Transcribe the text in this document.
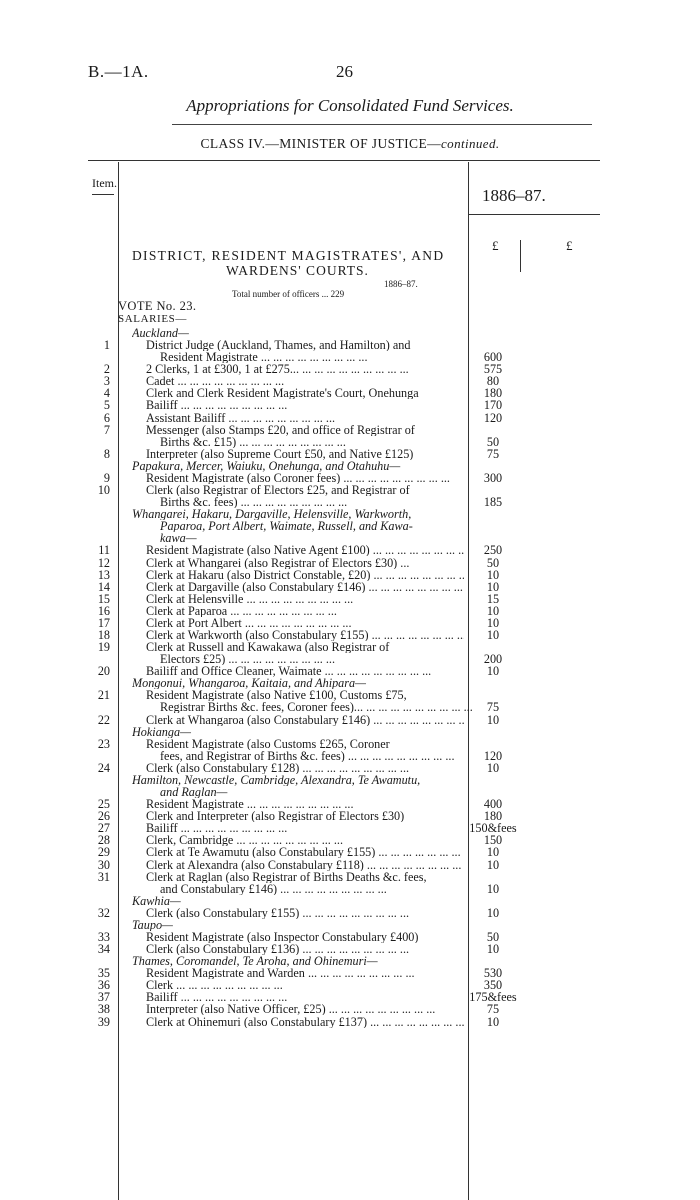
B.—1A.	26
Appropriations for Consolidated Fund Services.
CLASS IV.—MINISTER OF JUSTICE—continued.
Item.
1886–87.
£	£
DISTRICT, RESIDENT MAGISTRATES', AND
WARDENS' COURTS.
1886–87.
Total number of officers ... 229
VOTE No. 23.
SALARIES—
Auckland—
1	District Judge (Auckland, Thames, and Hamilton) and
Resident Magistrate ...	600
2	2 Clerks, 1 at £300, 1 at £275... ...	575
3	Cadet ...	80
4	Clerk and Clerk Resident Magistrate's Court, Onehunga	180
5	Bailiff ...	170
6	Assistant Bailiff ...	120
7	Messenger (also Stamps £20, and office of Registrar of
Births &c. £15) ...	50
8	Interpreter (also Supreme Court £50, and Native £125)	75
Papakura, Mercer, Waiuku, Onehunga, and Otahuhu—
9	Resident Magistrate (also Coroner fees) ...	300
10	Clerk (also Registrar of Electors £25, and Registrar of
Births &c. fees) ...	185
Whangarei, Hakaru, Dargaville, Helensville, Warkworth,
Paparoa, Port Albert, Waimate, Russell, and Kawa-
kawa—
11	Resident Magistrate (also Native Agent £100) ...	250
12	Clerk at Whangarei (also Registrar of Electors £30) ...	50
13	Clerk at Hakaru (also District Constable, £20) ...	10
14	Clerk at Dargaville (also Constabulary £146) ...	10
15	Clerk at Helensville ...	15
16	Clerk at Paparoa ...	10
17	Clerk at Port Albert ...	10
18	Clerk at Warkworth (also Constabulary £155) ...	10
19	Clerk at Russell and Kawakawa (also Registrar of
Electors £25) ...	200
20	Bailiff and Office Cleaner, Waimate ...	10
Mongonui, Whangaroa, Kaitaia, and Ahipara—
21	Resident Magistrate (also Native £100, Customs £75,
Registrar Births &c. fees, Coroner fees)... ...	75
22	Clerk at Whangaroa (also Constabulary £146) ...	10
Hokianga—
23	Resident Magistrate (also Customs £265, Coroner
fees, and Registrar of Births &c. fees) ...	120
24	Clerk (also Constabulary £128) ...	10
Hamilton, Newcastle, Cambridge, Alexandra, Te Awamutu,
and Raglan—
25	Resident Magistrate ...	400
26	Clerk and Interpreter (also Registrar of Electors £30)	180
27	Bailiff ...	150&fees
28	Clerk, Cambridge ...	150
29	Clerk at Te Awamutu (also Constabulary £155) ...	10
30	Clerk at Alexandra (also Constabulary £118) ...	10
31	Clerk at Raglan (also Registrar of Births Deaths &c. fees,
and Constabulary £146) ...	10
Kawhia—
32	Clerk (also Constabulary £155) ...	10
Taupo—
33	Resident Magistrate (also Inspector Constabulary £400)	50
34	Clerk (also Constabulary £136) ...	10
Thames, Coromandel, Te Aroha, and Ohinemuri—
35	Resident Magistrate and Warden ...	530
36	Clerk ...	350
37	Bailiff ...	175&fees
38	Interpreter (also Native Officer, £25) ...	75
39	Clerk at Ohinemuri (also Constabulary £137) ...	10
